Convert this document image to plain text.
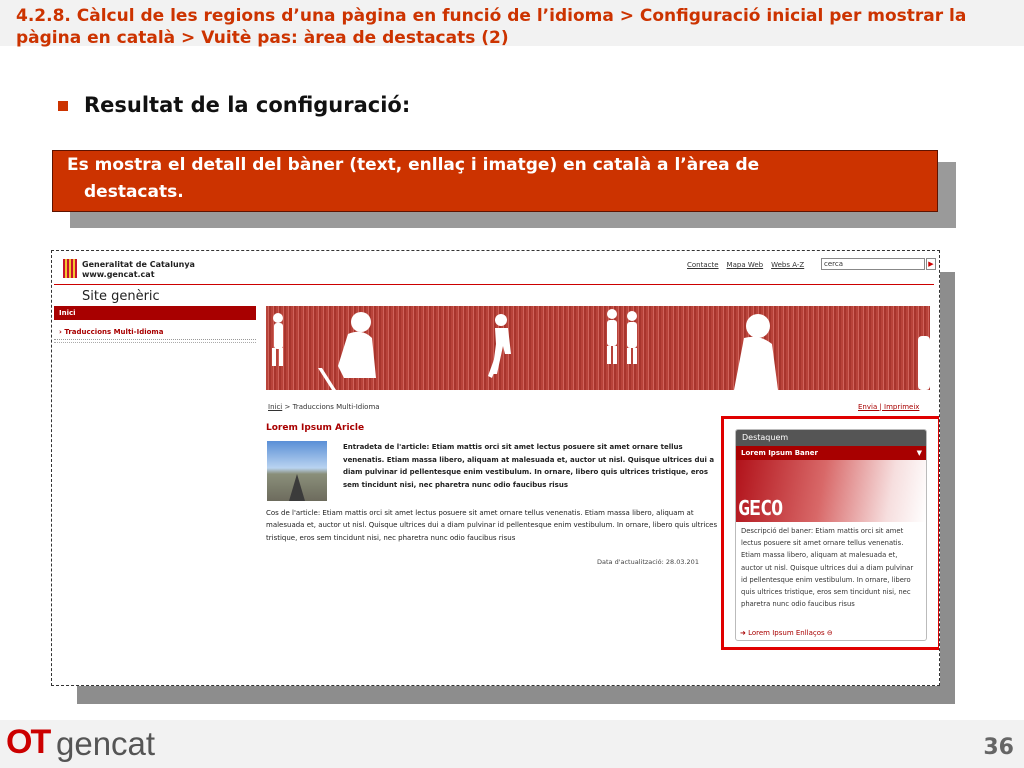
4.2.8. Càlcul de les regions d’una pàgina en funció de l’idioma > Configuració inicial per mostrar la pàgina en català > Vuitè pas: àrea de destacats (2)
Resultat de la configuració:
Es mostra el detall del bàner (text, enllaç i imatge) en català a l’àrea de
destacats.
Generalitat de Catalunya
www.gencat.cat
Contacte Mapa Web Webs A-Z	cerca	▶
Site genèric
Inici
› Traduccions Multi-Idioma
Inici > Traduccions Multi-Idioma	Envia | Imprimeix
Lorem Ipsum Aricle
Entradeta de l'article: Etiam mattis orci sit amet lectus posuere sit amet ornare tellus venenatis. Etiam massa libero, aliquam at malesuada et, auctor ut nisl. Quisque ultrices dui a diam pulvinar id pellentesque enim vestibulum. In ornare, libero quis ultrices tristique, eros sem tincidunt nisi, nec pharetra nunc odio faucibus risus
Cos de l'article: Etiam mattis orci sit amet lectus posuere sit amet ornare tellus venenatis. Etiam massa libero, aliquam at malesuada et, auctor ut nisl. Quisque ultrices dui a diam pulvinar id pellentesque enim vestibulum. In ornare, libero quis ultrices tristique, eros sem tincidunt nisi, nec pharetra nunc odio faucibus risus
Data d'actualització: 28.03.201
Destaquem
Lorem Ipsum Baner	▼
GECO
Descripció del baner: Etiam mattis orci sit amet lectus posuere sit amet ornare tellus venenatis. Etiam massa libero, aliquam at malesuada et, auctor ut nisl. Quisque ultrices dui a diam pulvinar id pellentesque enim vestibulum. In ornare, libero quis ultrices tristique, eros sem tincidunt nisi, nec pharetra nunc odio faucibus risus
➜ Lorem Ipsum Enllaços ⊖
OT gencat	36
